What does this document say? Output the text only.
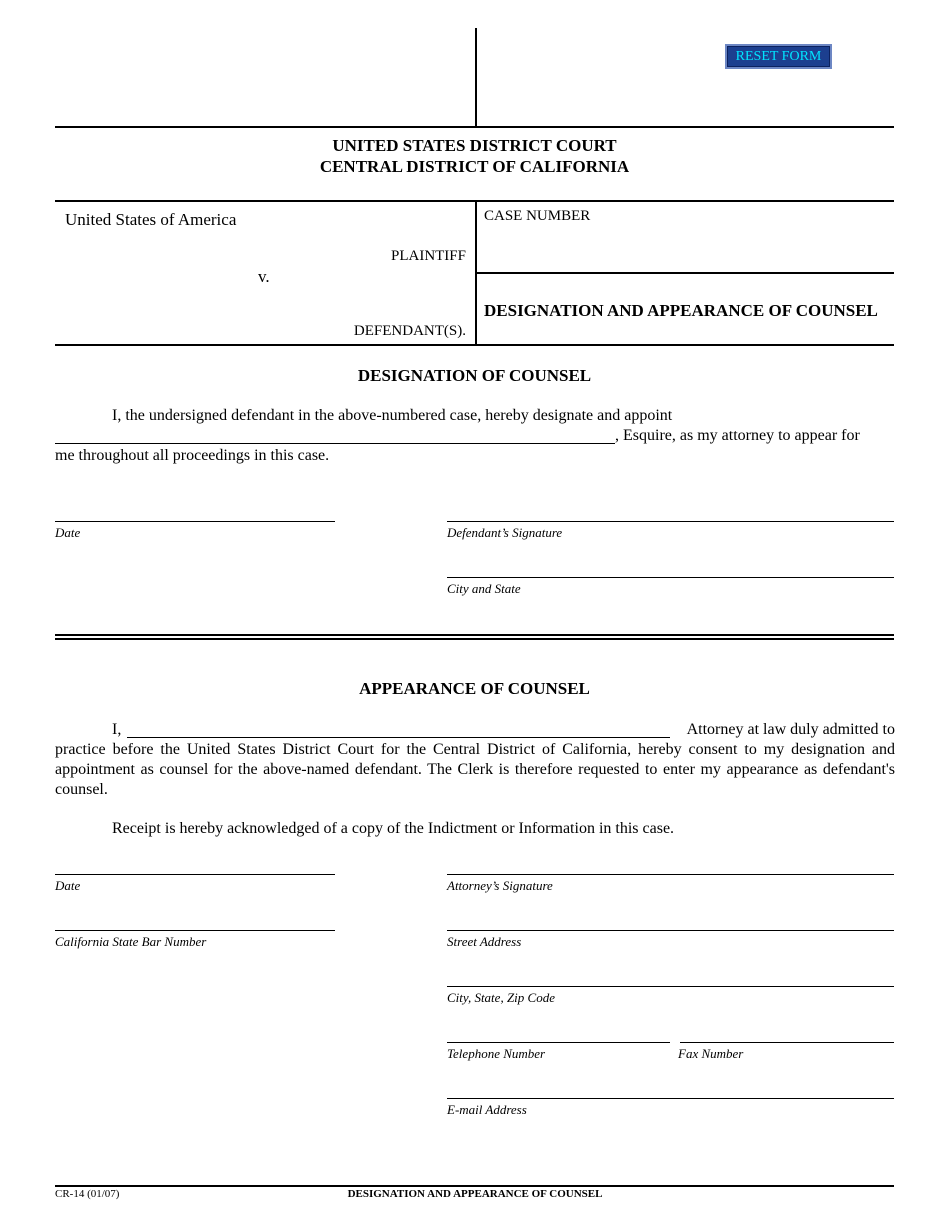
RESET FORM
UNITED STATES DISTRICT COURT
CENTRAL DISTRICT OF CALIFORNIA
United States of America
PLAINTIFF
v.
DEFENDANT(S).
CASE NUMBER
DESIGNATION AND APPEARANCE OF COUNSEL
DESIGNATION OF COUNSEL
I, the undersigned defendant in the above-numbered case, hereby designate and appoint
, Esquire, as my attorney to appear for
me throughout all proceedings in this case.
Date	Defendant’s Signature
City and State
APPEARANCE OF COUNSEL
I,	Attorney at law duly admitted to
practice before the United States District Court for the Central District of California, hereby consent to my designation and appointment as counsel for the above-named defendant. The Clerk is therefore requested to enter my appearance as defendant's counsel.
Receipt is hereby acknowledged of a copy of the Indictment or Information in this case.
Date
California State Bar Number
Attorney’s Signature
Street Address
City, State, Zip Code
Telephone Number	Fax Number
E-mail Address
CR-14 (01/07)	DESIGNATION AND APPEARANCE OF COUNSEL
